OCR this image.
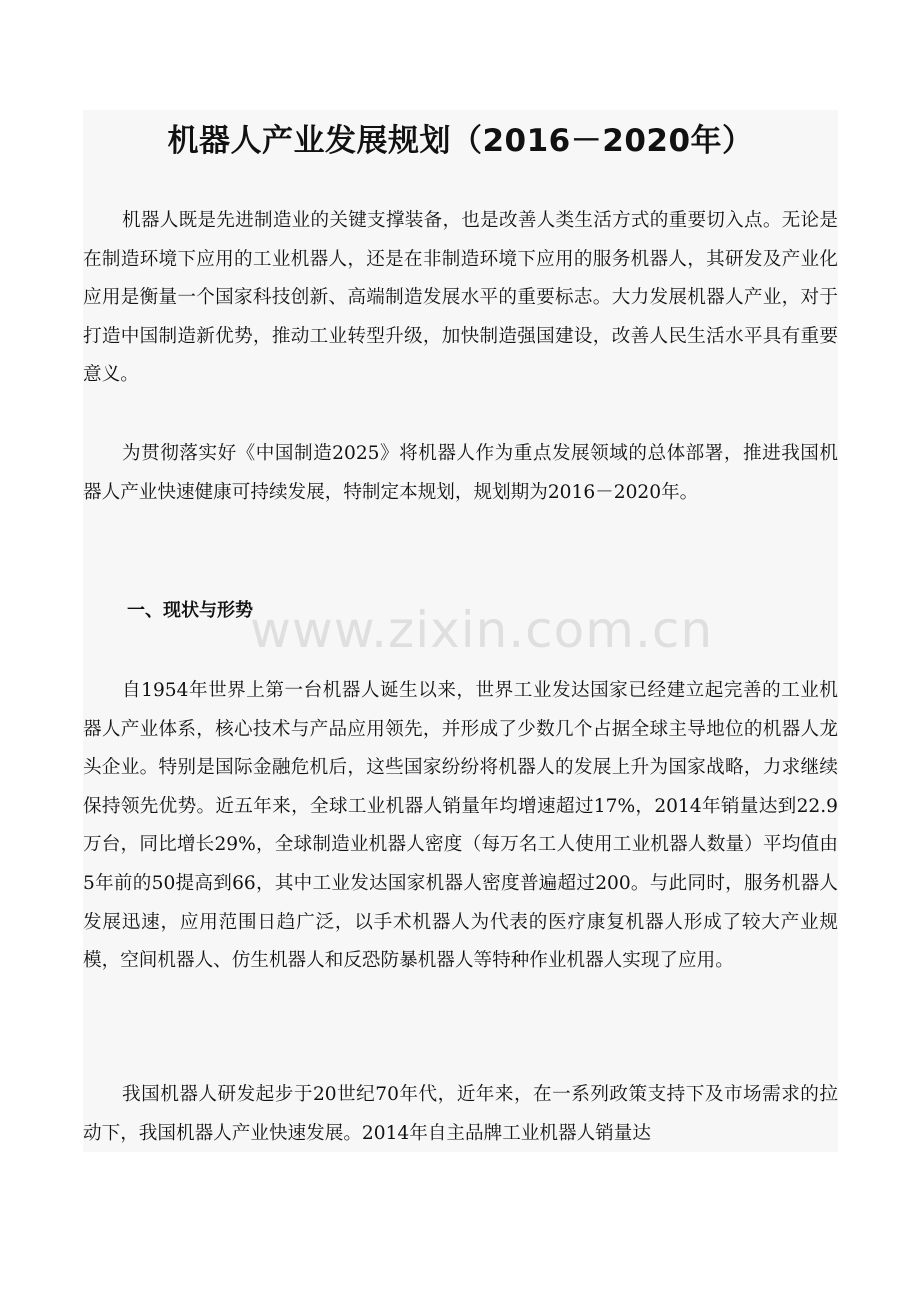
机器人产业发展规划（2016－2020年）

机器人既是先进制造业的关键支撑装备，也是改善人类生活方式的重要切入点。无论是在制造环境下应用的工业机器人，还是在非制造环境下应用的服务机器人，其研发及产业化应用是衡量一个国家科技创新、高端制造发展水平的重要标志。大力发展机器人产业，对于打造中国制造新优势，推动工业转型升级，加快制造强国建设，改善人民生活水平具有重要意义。

为贯彻落实好《中国制造2025》将机器人作为重点发展领域的总体部署，推进我国机器人产业快速健康可持续发展，特制定本规划，规划期为2016－2020年。

一、现状与形势

自1954年世界上第一台机器人诞生以来，世界工业发达国家已经建立起完善的工业机器人产业体系，核心技术与产品应用领先，并形成了少数几个占据全球主导地位的机器人龙头企业。特别是国际金融危机后，这些国家纷纷将机器人的发展上升为国家战略，力求继续保持领先优势。近五年来，全球工业机器人销量年均增速超过17%，2014年销量达到22.9万台，同比增长29%，全球制造业机器人密度（每万名工人使用工业机器人数量）平均值由5年前的50提高到66，其中工业发达国家机器人密度普遍超过200。与此同时，服务机器人发展迅速，应用范围日趋广泛，以手术机器人为代表的医疗康复机器人形成了较大产业规模，空间机器人、仿生机器人和反恐防暴机器人等特种作业机器人实现了应用。

我国机器人研发起步于20世纪70年代，近年来，在一系列政策支持下及市场需求的拉动下，我国机器人产业快速发展。2014年自主品牌工业机器人销量达

www.zixin.com.cn
